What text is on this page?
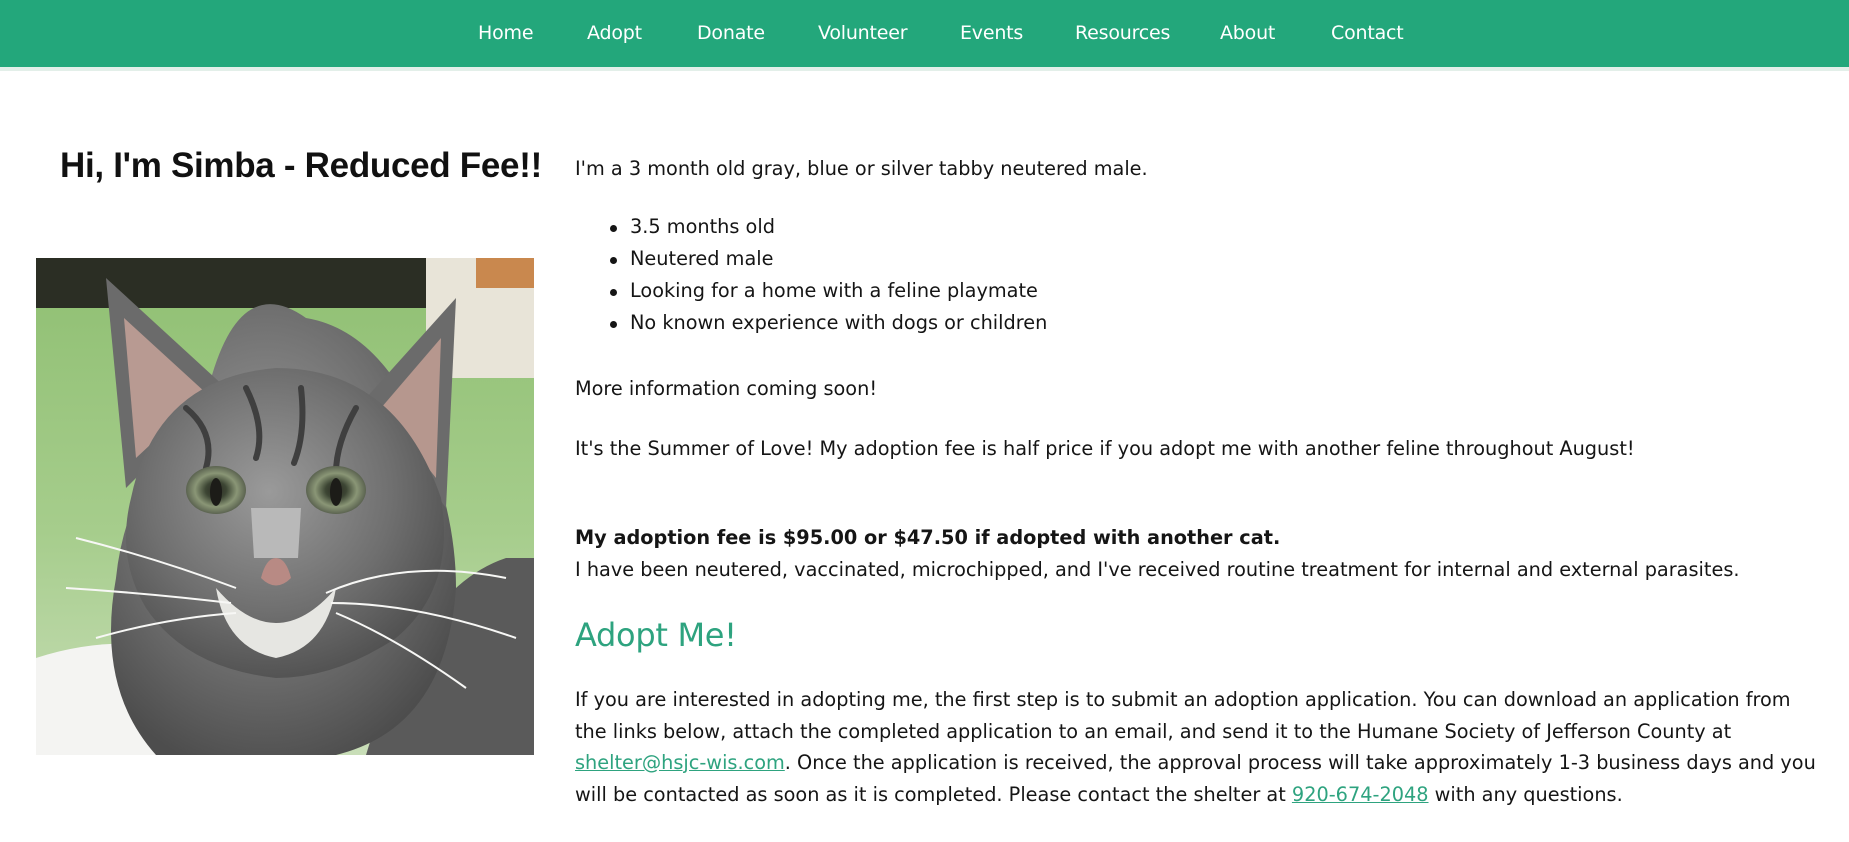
Home	Adopt	Donate	Volunteer	Events	Resources	About	Contact
Hi, I'm Simba - Reduced Fee!! I'm a 3 month old gray, blue or silver tabby neutered male.

3.5 months old
Neutered male
Looking for a home with a feline playmate
No known experience with dogs or children

More information coming soon!

It's the Summer of Love! My adoption fee is half price if you adopt me with another feline throughout August!

My adoption fee is $95.00 or $47.50 if adopted with another cat.

I have been neutered, vaccinated, microchipped, and I've received routine treatment for internal and external parasites.

Adopt Me!

If you are interested in adopting me, the first step is to submit an adoption application. You can download an application from the links below, attach the completed application to an email, and send it to the Humane Society of Jefferson County at shelter@hsjc-wis.com. Once the application is received, the approval process will take approximately 1-3 business days and you will be contacted as soon as it is completed. Please contact the shelter at 920-674-2048 with any questions.
